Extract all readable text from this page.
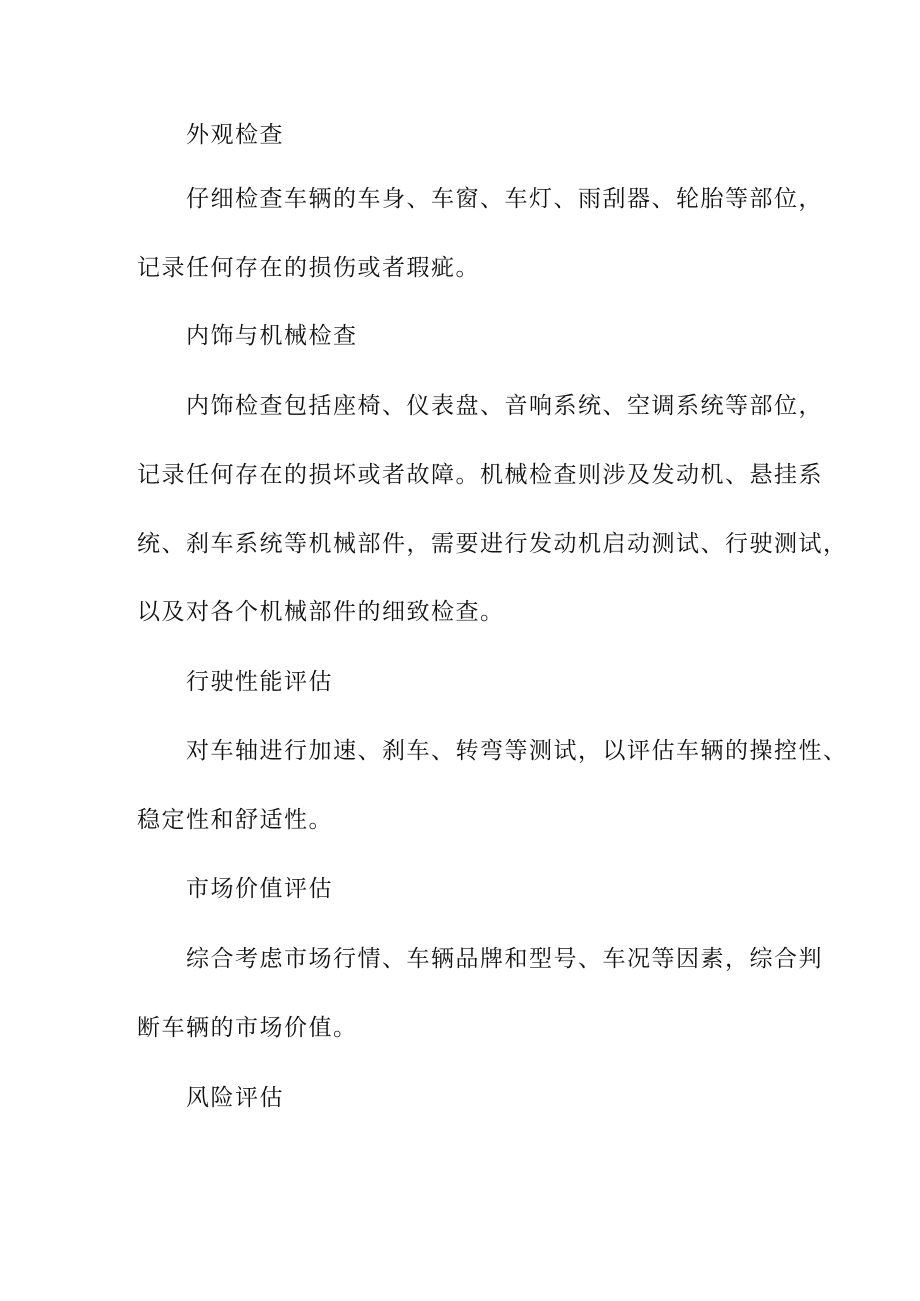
外观检查
仔细检查车辆的车身、车窗、车灯、雨刮器、轮胎等部位，
记录任何存在的损伤或者瑕疵。
内饰与机械检查
内饰检查包括座椅、仪表盘、音响系统、空调系统等部位，
记录任何存在的损坏或者故障。机械检查则涉及发动机、悬挂系
统、刹车系统等机械部件，需要进行发动机启动测试、行驶测试，
以及对各个机械部件的细致检查。
行驶性能评估
对车轴进行加速、刹车、转弯等测试，以评估车辆的操控性、
稳定性和舒适性。
市场价值评估
综合考虑市场行情、车辆品牌和型号、车况等因素，综合判
断车辆的市场价值。
风险评估
